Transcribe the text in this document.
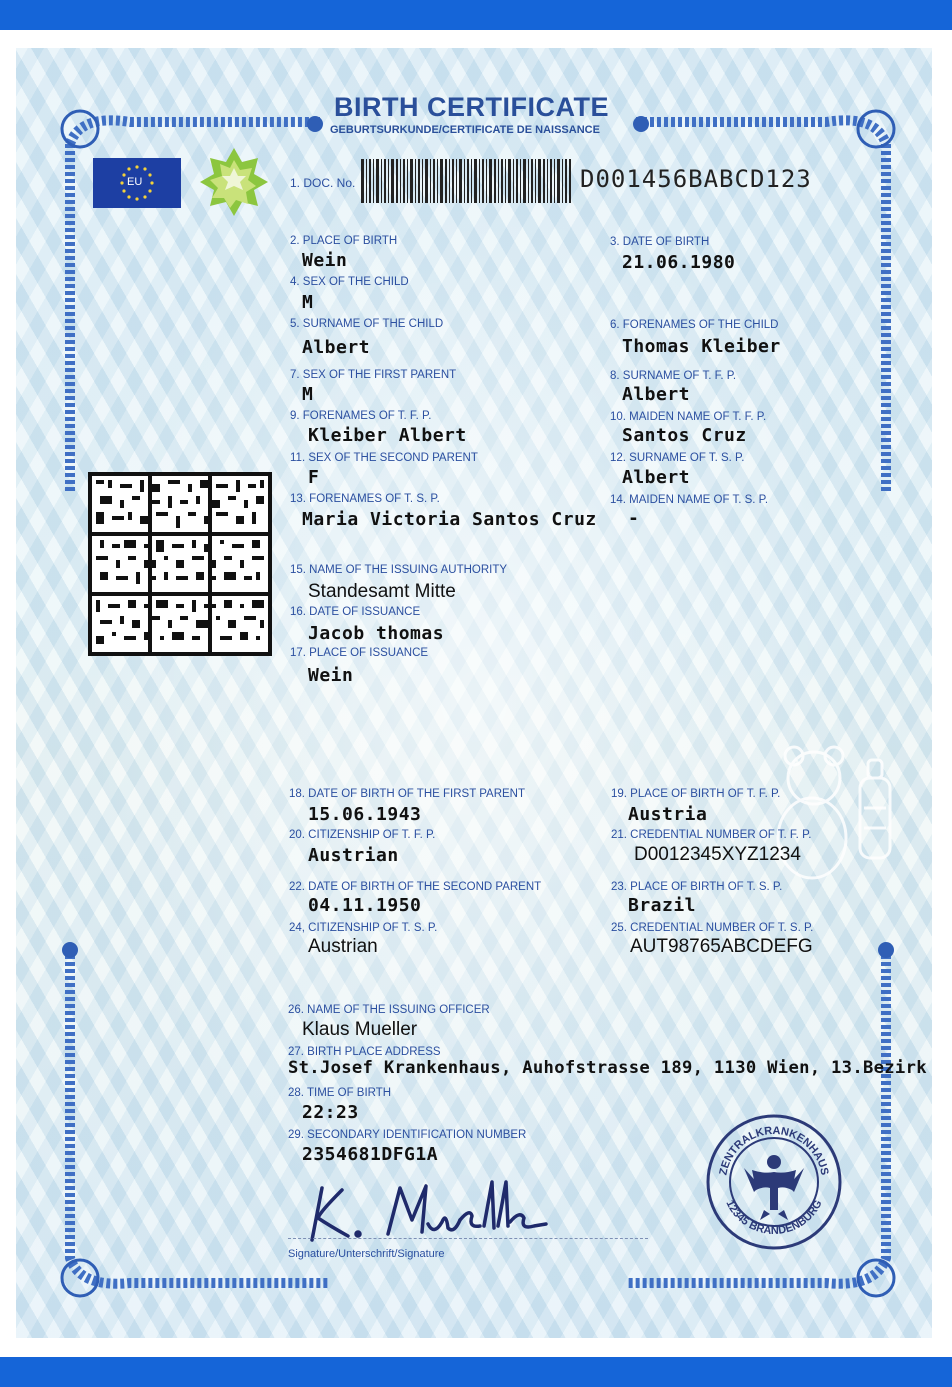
BIRTH CERTIFICATE
GEBURTSURKUNDE/CERTIFICATE DE NAISSANCE
EU	1. DOC. No.	D001456BABCD123
2. PLACE OF BIRTH
Wein
3. DATE OF BIRTH
21.06.1980
4. SEX OF THE CHILD
M
5. SURNAME OF THE CHILD
Albert
6. FORENAMES OF THE CHILD
Thomas Kleiber
7. SEX OF THE FIRST PARENT
M
8. SURNAME OF T. F. P.
Albert
9. FORENAMES OF T. F. P.
Kleiber Albert
10. MAIDEN NAME OF T. F. P.
Santos Cruz
11. SEX OF THE SECOND PARENT
F
12. SURNAME OF T. S. P.
Albert
13. FORENAMES OF T. S. P.
Maria Victoria Santos Cruz
14. MAIDEN NAME OF T. S. P.
-
15. NAME OF THE ISSUING AUTHORITY
Standesamt Mitte
16. DATE OF ISSUANCE
Jacob thomas
17. PLACE OF ISSUANCE
Wein
18. DATE OF BIRTH OF THE FIRST PARENT
15.06.1943
19. PLACE OF BIRTH OF T. F. P.
Austria
20. CITIZENSHIP OF T. F. P.
Austrian
21. CREDENTIAL NUMBER OF T. F. P.
D0012345XYZ1234
22. DATE OF BIRTH OF THE SECOND PARENT
04.11.1950
23. PLACE OF BIRTH OF T. S. P.
Brazil
24, CITIZENSHIP OF T. S. P.
Austrian
25. CREDENTIAL NUMBER OF T. S. P.
AUT98765ABCDEFG
26. NAME OF THE ISSUING OFFICER
Klaus Mueller
27. BIRTH PLACE ADDRESS
St.Josef Krankenhaus, Auhofstrasse 189, 1130 Wien, 13.Bezirk
28. TIME OF BIRTH
22:23
29. SECONDARY IDENTIFICATION NUMBER
2354681DFG1A
Signature/Unterschrift/Signature
ZENTRALKRANKENHAUS
12345 BRANDENBURG
